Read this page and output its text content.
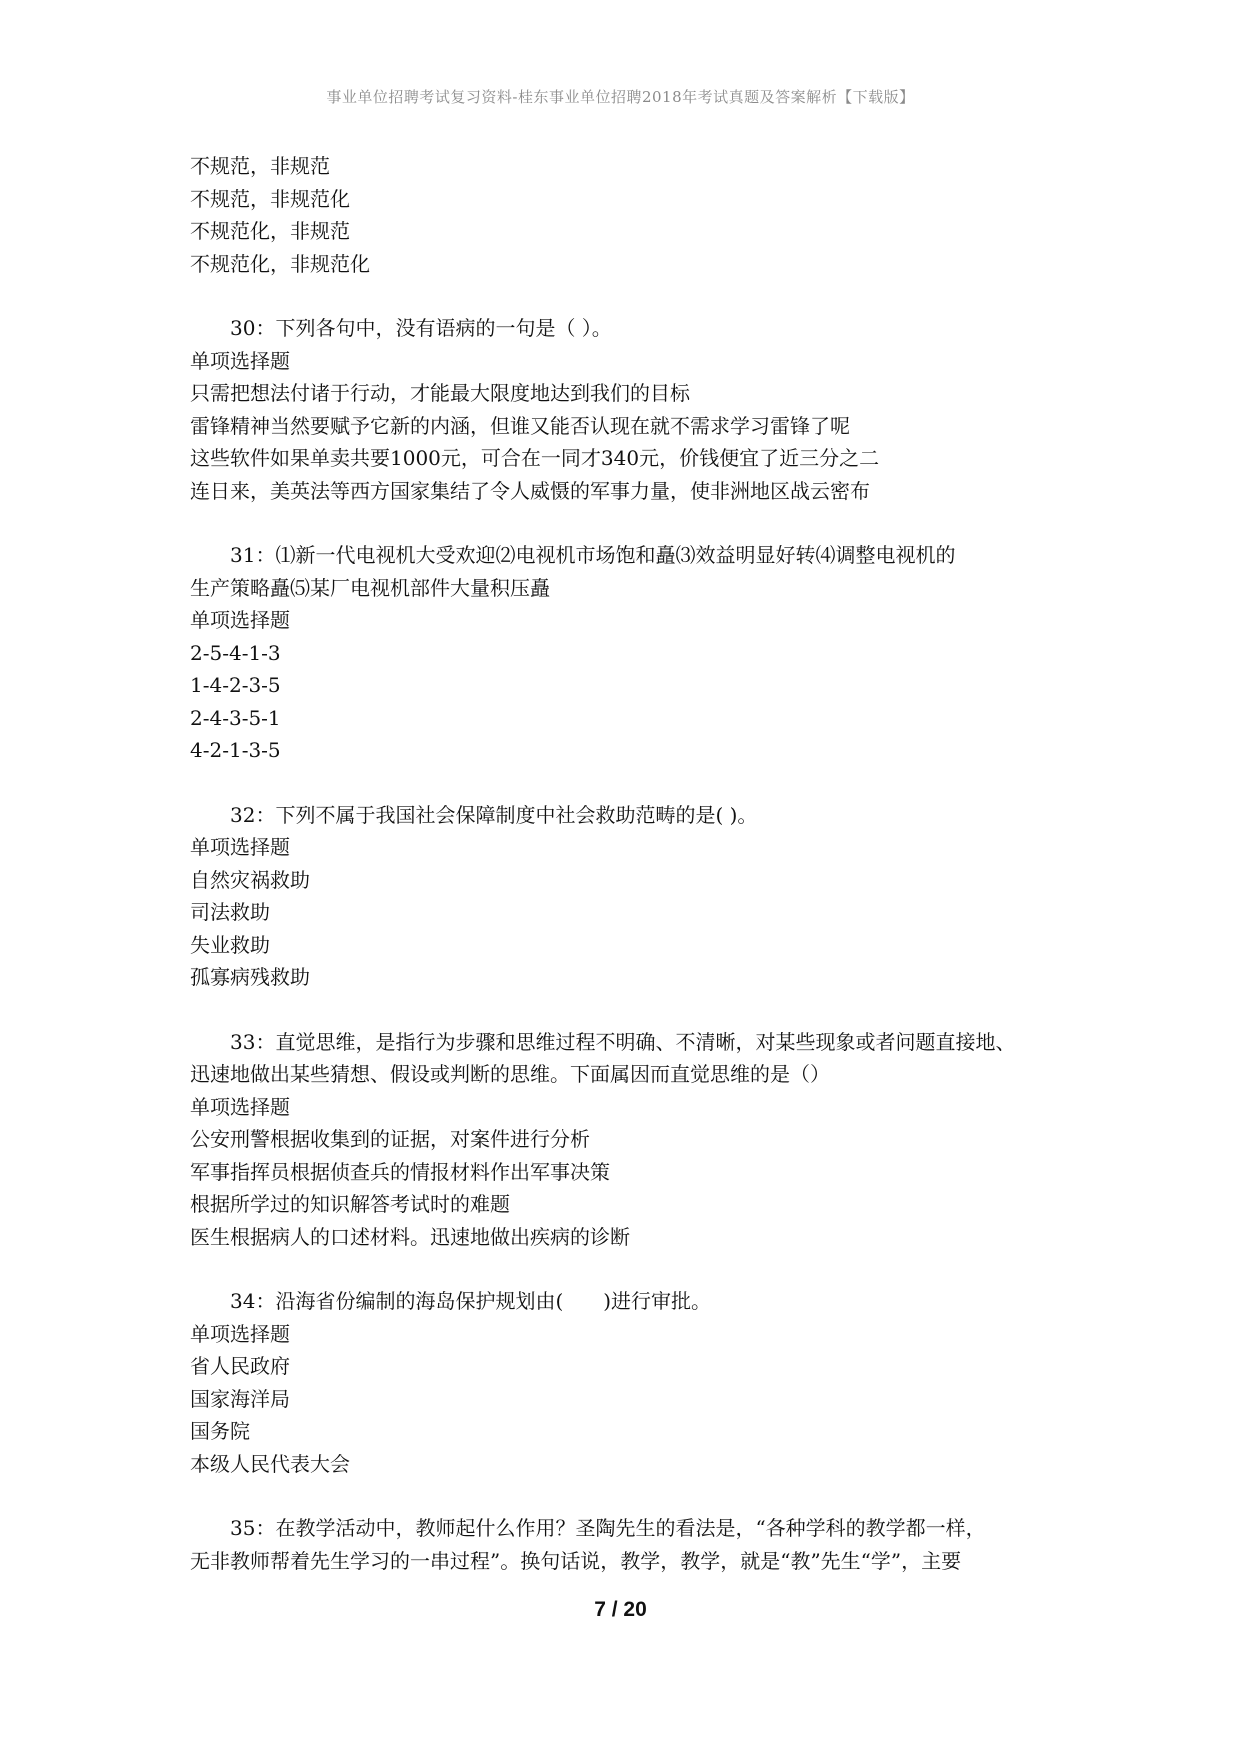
事业单位招聘考试复习资料-桂东事业单位招聘2018年考试真题及答案解析【下载版】
不规范，非规范
不规范，非规范化
不规范化，非规范
不规范化，非规范化
30：下列各句中，没有语病的一句是（ ）。
单项选择题
只需把想法付诸于行动，才能最大限度地达到我们的目标
雷锋精神当然要赋予它新的内涵，但谁又能否认现在就不需求学习雷锋了呢
这些软件如果单卖共要1000元，可合在一同才340元，价钱便宜了近三分之二
连日来，美英法等西方国家集结了令人威慑的军事力量，使非洲地区战云密布
31：⑴新一代电视机大受欢迎⑵电视机市场饱和矗⑶效益明显好转⑷调整电视机的
生产策略矗⑸某厂电视机部件大量积压矗
单项选择题
2-5-4-1-3
1-4-2-3-5
2-4-3-5-1
4-2-1-3-5
32：下列不属于我国社会保障制度中社会救助范畴的是( )。
单项选择题
自然灾祸救助
司法救助
失业救助
孤寡病残救助
33：直觉思维，是指行为步骤和思维过程不明确、不清晰，对某些现象或者问题直接地、
迅速地做出某些猜想、假设或判断的思维。下面属因而直觉思维的是（）
单项选择题
公安刑警根据收集到的证据，对案件进行分析
军事指挥员根据侦查兵的情报材料作出军事决策
根据所学过的知识解答考试时的难题
医生根据病人的口述材料。迅速地做出疾病的诊断
34：沿海省份编制的海岛保护规划由(　　)进行审批。
单项选择题
省人民政府
国家海洋局
国务院
本级人民代表大会
35：在教学活动中，教师起什么作用？圣陶先生的看法是，“各种学科的教学都一样，
无非教师帮着先生学习的一串过程”。换句话说，教学，教学，就是“教”先生“学”，主要
7 / 20
